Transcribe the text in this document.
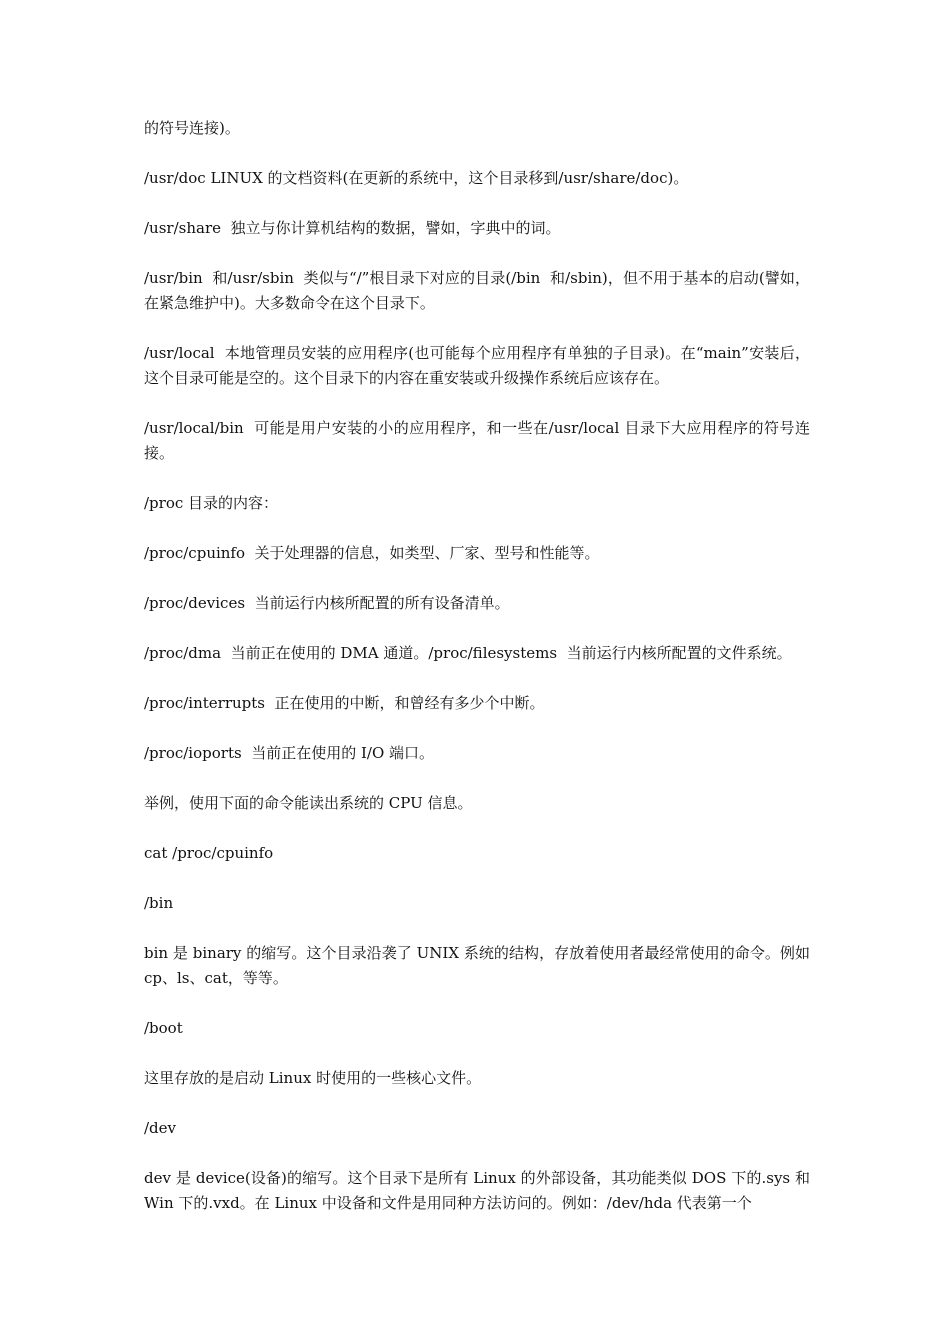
的符号连接)。

/usr/doc LINUX 的文档资料(在更新的系统中，这个目录移到/usr/share/doc)。

/usr/share  独立与你计算机结构的数据，譬如，字典中的词。

/usr/bin  和/usr/sbin  类似与“/”根目录下对应的目录(/bin  和/sbin)，但不用于基本的启动(譬如，在紧急维护中)。大多数命令在这个目录下。

/usr/local  本地管理员安装的应用程序(也可能每个应用程序有单独的子目录)。在“main”安装后，这个目录可能是空的。这个目录下的内容在重安装或升级操作系统后应该存在。

/usr/local/bin  可能是用户安装的小的应用程序，和一些在/usr/local 目录下大应用程序的符号连接。

/proc 目录的内容：

/proc/cpuinfo  关于处理器的信息，如类型、厂家、型号和性能等。

/proc/devices  当前运行内核所配置的所有设备清单。

/proc/dma  当前正在使用的 DMA 通道。/proc/filesystems  当前运行内核所配置的文件系统。

/proc/interrupts  正在使用的中断，和曾经有多少个中断。

/proc/ioports  当前正在使用的 I/O 端口。

举例，使用下面的命令能读出系统的 CPU 信息。

cat /proc/cpuinfo

/bin

bin 是 binary 的缩写。这个目录沿袭了 UNIX 系统的结构，存放着使用者最经常使用的命令。例如 cp、ls、cat，等等。

/boot

这里存放的是启动 Linux 时使用的一些核心文件。

/dev

dev 是 device(设备)的缩写。这个目录下是所有 Linux 的外部设备，其功能类似 DOS 下的.sys 和 Win 下的.vxd。在 Linux 中设备和文件是用同种方法访问的。例如：/dev/hda 代表第一个
